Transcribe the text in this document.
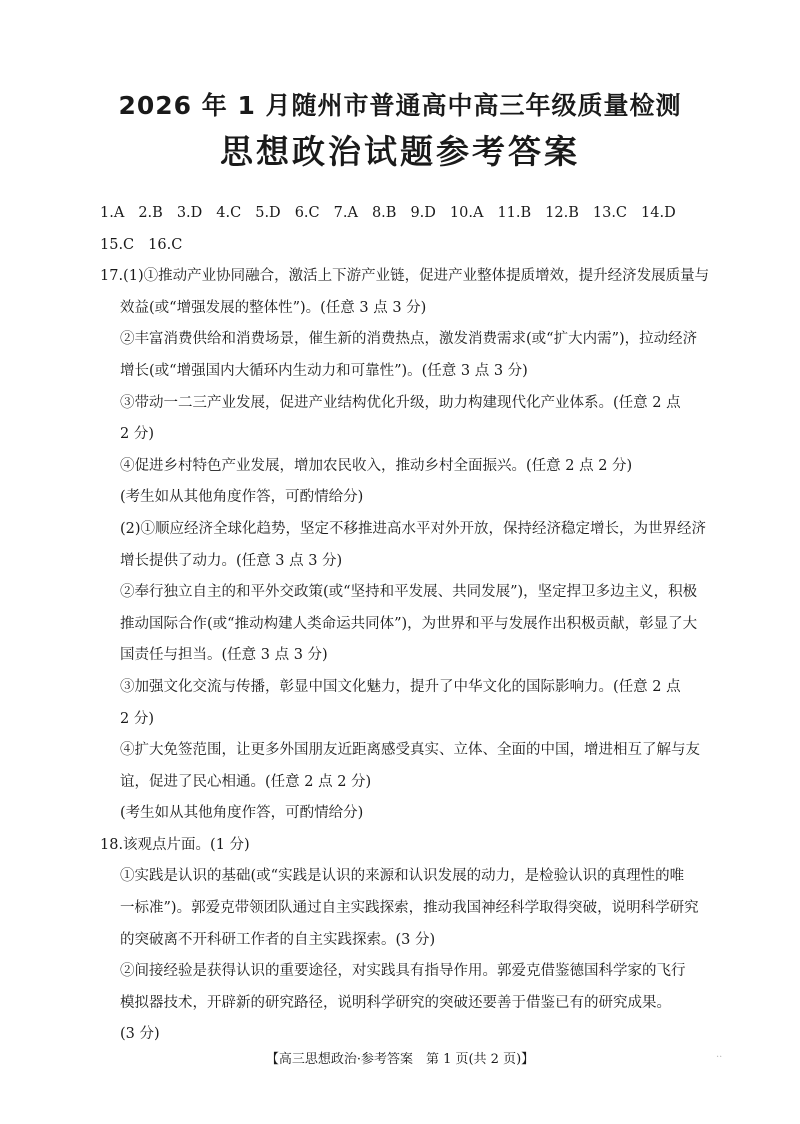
2026 年 1 月随州市普通高中高三年级质量检测
思想政治试题参考答案
1.A 2.B 3.D 4.C 5.D 6.C 7.A 8.B 9.D 10.A 11.B 12.B 13.C 14.D
15.C 16.C
17.(1)①推动产业协同融合，激活上下游产业链，促进产业整体提质增效，提升经济发展质量与
效益(或“增强发展的整体性”)。(任意 3 点 3 分)
②丰富消费供给和消费场景，催生新的消费热点，激发消费需求(或“扩大内需”)，拉动经济
增长(或“增强国内大循环内生动力和可靠性”)。(任意 3 点 3 分)
③带动一二三产业发展，促进产业结构优化升级，助力构建现代化产业体系。(任意 2 点
2 分)
④促进乡村特色产业发展，增加农民收入，推动乡村全面振兴。(任意 2 点 2 分)
(考生如从其他角度作答，可酌情给分)
(2)①顺应经济全球化趋势，坚定不移推进高水平对外开放，保持经济稳定增长，为世界经济
增长提供了动力。(任意 3 点 3 分)
②奉行独立自主的和平外交政策(或“坚持和平发展、共同发展”)，坚定捍卫多边主义，积极
推动国际合作(或“推动构建人类命运共同体”)，为世界和平与发展作出积极贡献，彰显了大
国责任与担当。(任意 3 点 3 分)
③加强文化交流与传播，彰显中国文化魅力，提升了中华文化的国际影响力。(任意 2 点
2 分)
④扩大免签范围，让更多外国朋友近距离感受真实、立体、全面的中国，增进相互了解与友
谊，促进了民心相通。(任意 2 点 2 分)
(考生如从其他角度作答，可酌情给分)
18.该观点片面。(1 分)
①实践是认识的基础(或“实践是认识的来源和认识发展的动力，是检验认识的真理性的唯
一标准”)。郭爱克带领团队通过自主实践探索，推动我国神经科学取得突破，说明科学研究
的突破离不开科研工作者的自主实践探索。(3 分)
②间接经验是获得认识的重要途径，对实践具有指导作用。郭爱克借鉴德国科学家的飞行
模拟器技术，开辟新的研究路径，说明科学研究的突破还要善于借鉴已有的研究成果。
(3 分)
【高三思想政治·参考答案　第 1 页(共 2 页)】	··
